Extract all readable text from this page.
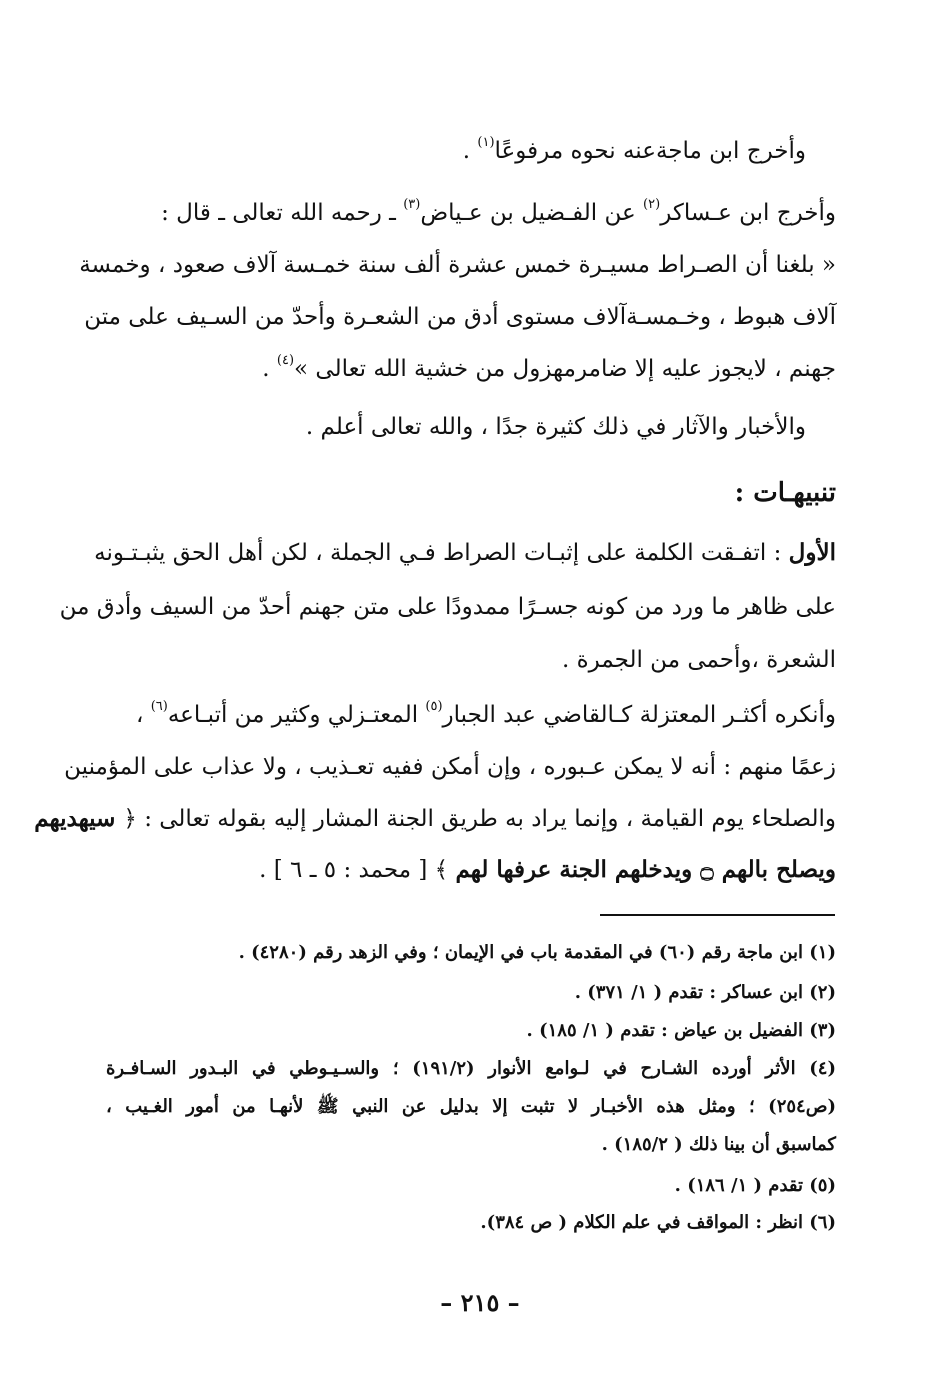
وأخرج ابن ماجةعنه نحوه مرفوعًا$^{(١)}$ .
وأخرج ابن عـساكر$^{(٢)}$ عن الفـضيل بن عـياض$^{(٣)}$ ـ رحمه الله تعالى ـ قال :
« بلغنا أن الصـراط مسيـرة خمس عشرة ألف سنة خمـسة آلاف صعود ، وخمسة
آلاف هبوط ، وخـمسـةآلاف مستوى أدق من الشعـرة وأحدّ من السـيف على متن
جهنم ، لايجوز عليه إلا ضامرمهزول من خشية الله تعالى »$^{(٤)}$ .
والأخبار والآثار في ذلك كثيرة جدًا ، والله تعالى أعلم .
تنبيهـات :
الأول : اتفـقت الكلمة على إثبـات الصراط فـي الجملة ، لكن أهل الحق يثبـتـونه
على ظاهر ما ورد من كونه جسـرًا ممدودًا على متن جهنم أحدّ من السيف وأدق من
الشعرة ،وأحمى من الجمرة .
وأنكره أكثـر المعتزلة كـالقاضي عبد الجبار$^{(٥)}$ المعتـزلي وكثير من أتبـاعه$^{(٦)}$ ،
زعمًا منهم : أنه لا يمكن عـبوره ، وإن أمكن ففيه تعـذيب ، ولا عذاب على المؤمنين
والصلحاء يوم القيامة ، وإنما يراد به طريق الجنة المشار إليه بقوله تعالى : ﴿ سيهديهم
ويصلح بالهم ۝ ويدخلهم الجنة عرفها لهم ﴾ [ محمد : ٥ ـ ٦ ] .
(١) ابن ماجة رقم (٦٠) في المقدمة باب في الإيمان ؛ وفي الزهد رقم (٤٢٨٠) .
(٢) ابن عساكر : تقدم ( ١/ ٣٧١) .
(٣) الفضيل بن عياض : تقدم ( ١/ ١٨٥) .
(٤) الأثر أورده الشـارح في لـوامع الأنوار (١٩١/٢) ؛ والسـيـوطي في البـدور السـافـرة
(ص٢٥٤) ؛ ومثل هذه الأخبـار لا تثبت إلا بدليل عن النبي ﷺ لأنهـا من أمور الغـيب ،
كماسبق أن بينا ذلك ( ١٨٥/٢) .
(٥) تقدم ( ١/ ١٨٦) .
(٦) انظر : المواقف في علم الكلام ( ص ٣٨٤).
– ٢١٥ –
